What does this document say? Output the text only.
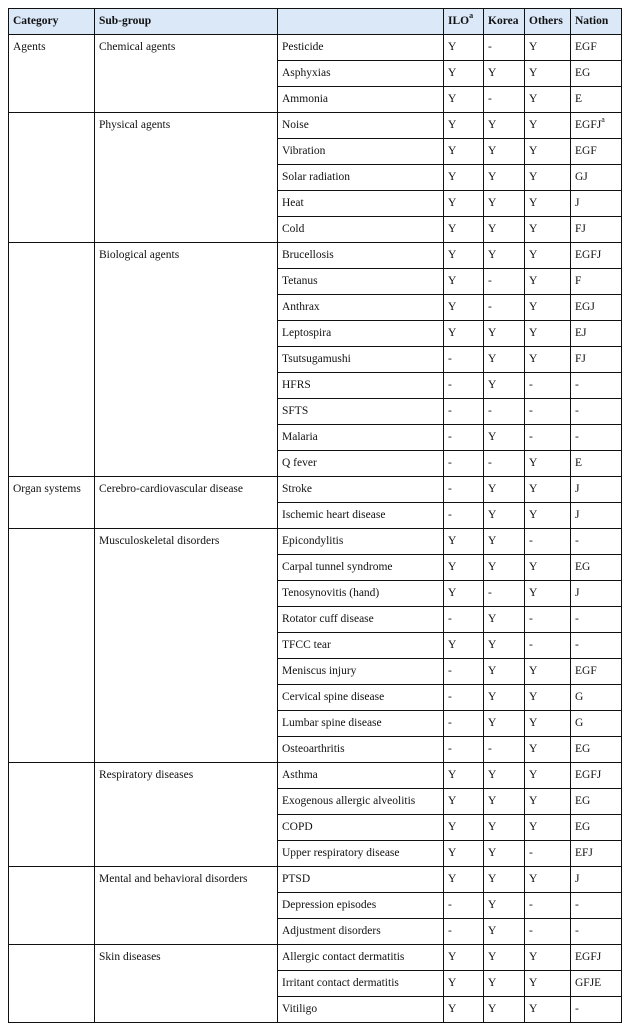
Category	Sub-group		ILO$^a$	Korea	Others	Nation
Agents	Chemical agents	Pesticide	Y	-	Y	EGF
		Asphyxias	Y	Y	Y	EG
		Ammonia	Y	-	Y	E
	Physical agents	Noise	Y	Y	Y	EGFJ$^a$
		Vibration	Y	Y	Y	EGF
		Solar radiation	Y	Y	Y	GJ
		Heat	Y	Y	Y	J
		Cold	Y	Y	Y	FJ
	Biological agents	Brucellosis	Y	Y	Y	EGFJ
		Tetanus	Y	-	Y	F
		Anthrax	Y	-	Y	EGJ
		Leptospira	Y	Y	Y	EJ
		Tsutsugamushi	-	Y	Y	FJ
		HFRS	-	Y	-	-
		SFTS	-	-	-	-
		Malaria	-	Y	-	-
		Q fever	-	-	Y	E
Organ systems	Cerebro-cardiovascular disease	Stroke	-	Y	Y	J
		Ischemic heart disease	-	Y	Y	J
	Musculoskeletal disorders	Epicondylitis	Y	Y	-	-
		Carpal tunnel syndrome	Y	Y	Y	EG
		Tenosynovitis (hand)	Y	-	Y	J
		Rotator cuff disease	-	Y	-	-
		TFCC tear	Y	Y	-	-
		Meniscus injury	-	Y	Y	EGF
		Cervical spine disease	-	Y	Y	G
		Lumbar spine disease	-	Y	Y	G
		Osteoarthritis	-	-	Y	EG
	Respiratory diseases	Asthma	Y	Y	Y	EGFJ
		Exogenous allergic alveolitis	Y	Y	Y	EG
		COPD	Y	Y	Y	EG
		Upper respiratory disease	Y	Y	-	EFJ
	Mental and behavioral disorders	PTSD	Y	Y	Y	J
		Depression episodes	-	Y	-	-
		Adjustment disorders	-	Y	-	-
	Skin diseases	Allergic contact dermatitis	Y	Y	Y	EGFJ
		Irritant contact dermatitis	Y	Y	Y	GFJE
		Vitiligo	Y	Y	Y	-
